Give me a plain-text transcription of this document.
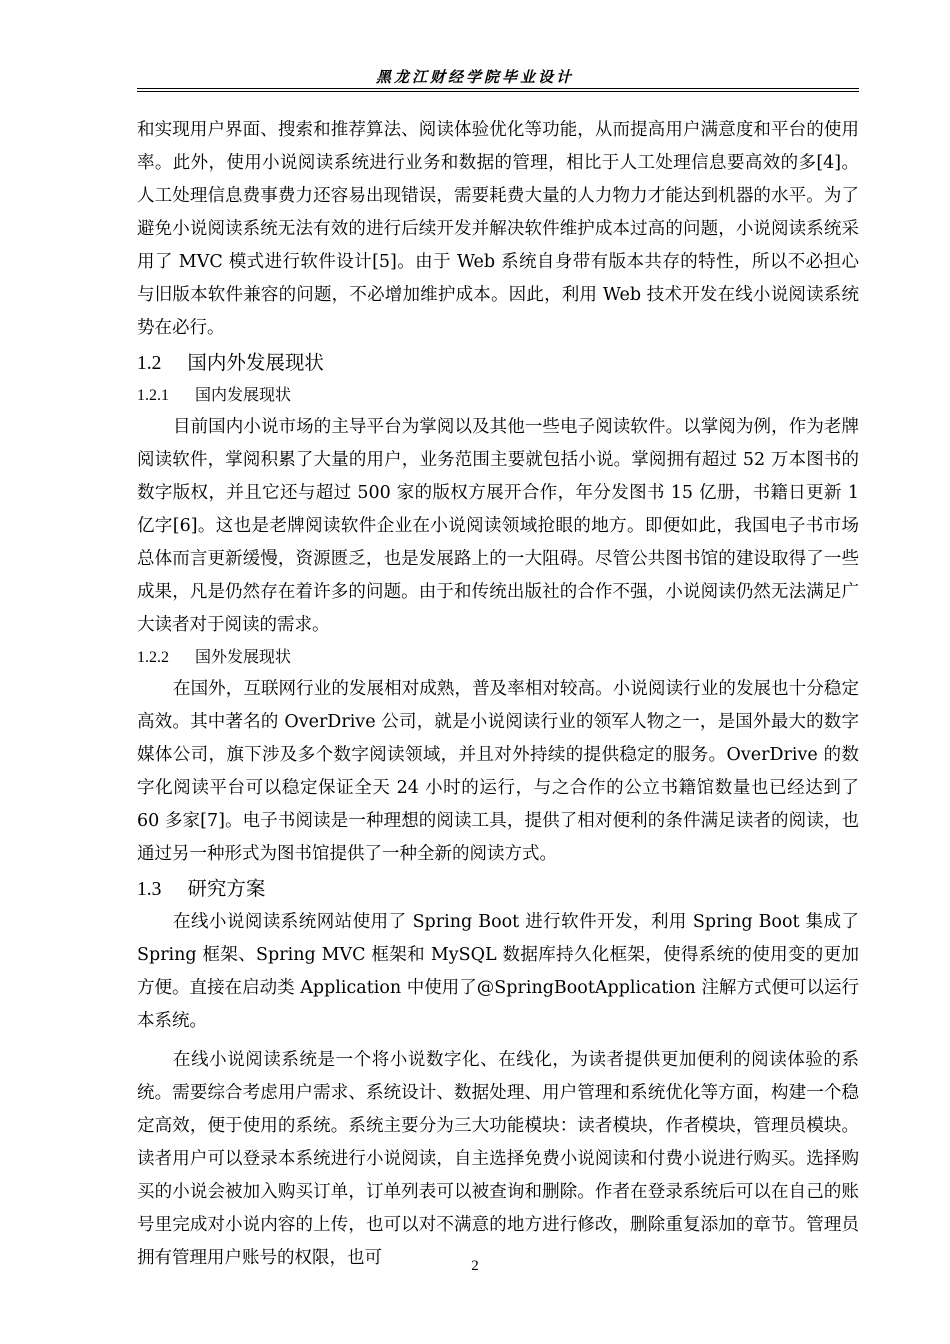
黑龙江财经学院毕业设计

和实现用户界面、搜索和推荐算法、阅读体验优化等功能，从而提高用户满意度和平台的使用率。此外，使用小说阅读系统进行业务和数据的管理，相比于人工处理信息要高效的多[4]。人工处理信息费事费力还容易出现错误，需要耗费大量的人力物力才能达到机器的水平。为了避免小说阅读系统无法有效的进行后续开发并解决软件维护成本过高的问题，小说阅读系统采用了 MVC 模式进行软件设计[5]。由于 Web 系统自身带有版本共存的特性，所以不必担心与旧版本软件兼容的问题，不必增加维护成本。因此，利用 Web 技术开发在线小说阅读系统势在必行。

1.2 国内外发展现状
1.2.1 国内发展现状

目前国内小说市场的主导平台为掌阅以及其他一些电子阅读软件。以掌阅为例，作为老牌阅读软件，掌阅积累了大量的用户，业务范围主要就包括小说。掌阅拥有超过 52 万本图书的数字版权，并且它还与超过 500 家的版权方展开合作，年分发图书 15 亿册，书籍日更新 1 亿字[6]。这也是老牌阅读软件企业在小说阅读领域抢眼的地方。即便如此，我国电子书市场总体而言更新缓慢，资源匮乏，也是发展路上的一大阻碍。尽管公共图书馆的建设取得了一些成果，凡是仍然存在着许多的问题。由于和传统出版社的合作不强，小说阅读仍然无法满足广大读者对于阅读的需求。

1.2.2 国外发展现状

在国外，互联网行业的发展相对成熟，普及率相对较高。小说阅读行业的发展也十分稳定高效。其中著名的 OverDrive 公司，就是小说阅读行业的领军人物之一，是国外最大的数字媒体公司，旗下涉及多个数字阅读领域，并且对外持续的提供稳定的服务。OverDrive 的数字化阅读平台可以稳定保证全天 24 小时的运行，与之合作的公立书籍馆数量也已经达到了 60 多家[7]。电子书阅读是一种理想的阅读工具，提供了相对便利的条件满足读者的阅读，也通过另一种形式为图书馆提供了一种全新的阅读方式。

1.3 研究方案

在线小说阅读系统网站使用了 Spring Boot 进行软件开发，利用 Spring Boot 集成了 Spring 框架、Spring MVC 框架和 MySQL 数据库持久化框架，使得系统的使用变的更加方便。直接在启动类 Application 中使用了@SpringBootApplication 注解方式便可以运行本系统。

在线小说阅读系统是一个将小说数字化、在线化，为读者提供更加便利的阅读体验的系统。需要综合考虑用户需求、系统设计、数据处理、用户管理和系统优化等方面，构建一个稳定高效，便于使用的系统。系统主要分为三大功能模块：读者模块，作者模块，管理员模块。读者用户可以登录本系统进行小说阅读，自主选择免费小说阅读和付费小说进行购买。选择购买的小说会被加入购买订单，订单列表可以被查询和删除。作者在登录系统后可以在自己的账号里完成对小说内容的上传，也可以对不满意的地方进行修改，删除重复添加的章节。管理员拥有管理用户账号的权限，也可	2
